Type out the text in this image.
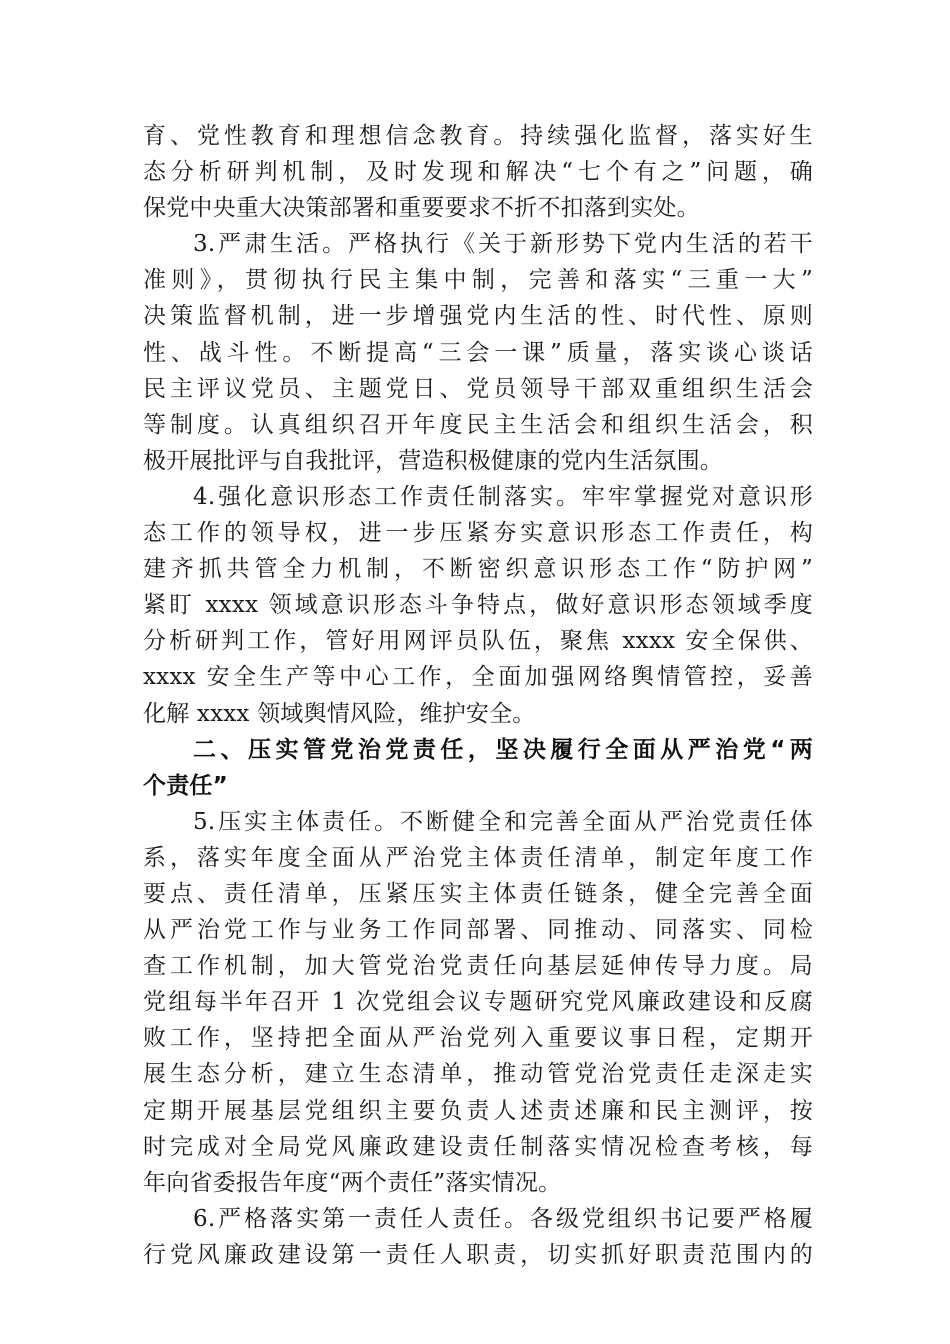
育、党性教育和理想信念教育。持续强化监督，落实好生
态分析研判机制，及时发现和解决“七个有之”问题，确
保党中央重大决策部署和重要要求不折不扣落到实处。
3.严肃生活。严格执行《关于新形势下党内生活的若干
准则》，贯彻执行民主集中制，完善和落实“三重一大”
决策监督机制，进一步增强党内生活的性、时代性、原则
性、战斗性。不断提高“三会一课”质量，落实谈心谈话
民主评议党员、主题党日、党员领导干部双重组织生活会
等制度。认真组织召开年度民主生活会和组织生活会，积
极开展批评与自我批评，营造积极健康的党内生活氛围。
4.强化意识形态工作责任制落实。牢牢掌握党对意识形
态工作的领导权，进一步压紧夯实意识形态工作责任，构
建齐抓共管全力机制，不断密织意识形态工作“防护网”
紧盯 xxxx 领域意识形态斗争特点，做好意识形态领域季度
分析研判工作，管好用网评员队伍，聚焦 xxxx 安全保供、
xxxx 安全生产等中心工作，全面加强网络舆情管控，妥善
化解 xxxx 领域舆情风险，维护安全。
二、压实管党治党责任，坚决履行全面从严治党“两
个责任”
5.压实主体责任。不断健全和完善全面从严治党责任体
系，落实年度全面从严治党主体责任清单，制定年度工作
要点、责任清单，压紧压实主体责任链条，健全完善全面
从严治党工作与业务工作同部署、同推动、同落实、同检
查工作机制，加大管党治党责任向基层延伸传导力度。局
党组每半年召开 1 次党组会议专题研究党风廉政建设和反腐
败工作，坚持把全面从严治党列入重要议事日程，定期开
展生态分析，建立生态清单，推动管党治党责任走深走实
定期开展基层党组织主要负责人述责述廉和民主测评，按
时完成对全局党风廉政建设责任制落实情况检查考核，每
年向省委报告年度“两个责任”落实情况。
6.严格落实第一责任人责任。各级党组织书记要严格履
行党风廉政建设第一责任人职责，切实抓好职责范围内的
